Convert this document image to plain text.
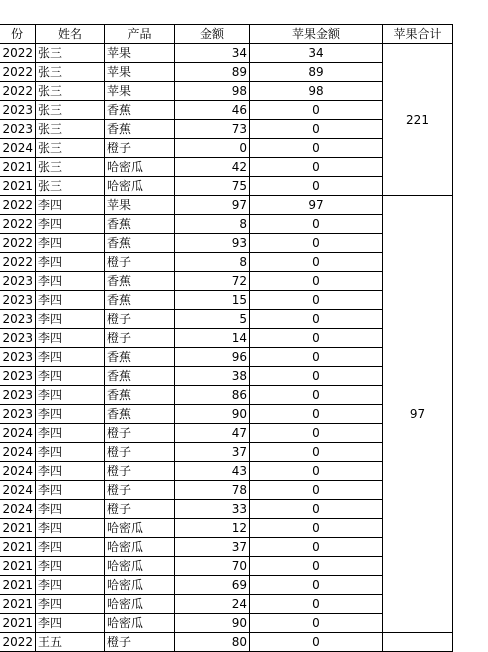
份	姓名	产品	金额	苹果金额	苹果合计
2022	张三	苹果	34	34	221
2022	张三	苹果	89	89	
2022	张三	苹果	98	98	
2023	张三	香蕉	46	0	
2023	张三	香蕉	73	0	
2024	张三	橙子	0	0	
2021	张三	哈密瓜	42	0	
2021	张三	哈密瓜	75	0	
2022	李四	苹果	97	97	97
2022	李四	香蕉	8	0	
2022	李四	香蕉	93	0	
2022	李四	橙子	8	0	
2023	李四	香蕉	72	0	
2023	李四	香蕉	15	0	
2023	李四	橙子	5	0	
2023	李四	橙子	14	0	
2023	李四	香蕉	96	0	
2023	李四	香蕉	38	0	
2023	李四	香蕉	86	0	
2023	李四	香蕉	90	0	
2024	李四	橙子	47	0	
2024	李四	橙子	37	0	
2024	李四	橙子	43	0	
2024	李四	橙子	78	0	
2024	李四	橙子	33	0	
2021	李四	哈密瓜	12	0	
2021	李四	哈密瓜	37	0	
2021	李四	哈密瓜	70	0	
2021	李四	哈密瓜	69	0	
2021	李四	哈密瓜	24	0	
2021	李四	哈密瓜	90	0	
2022	王五	橙子	80	0	
